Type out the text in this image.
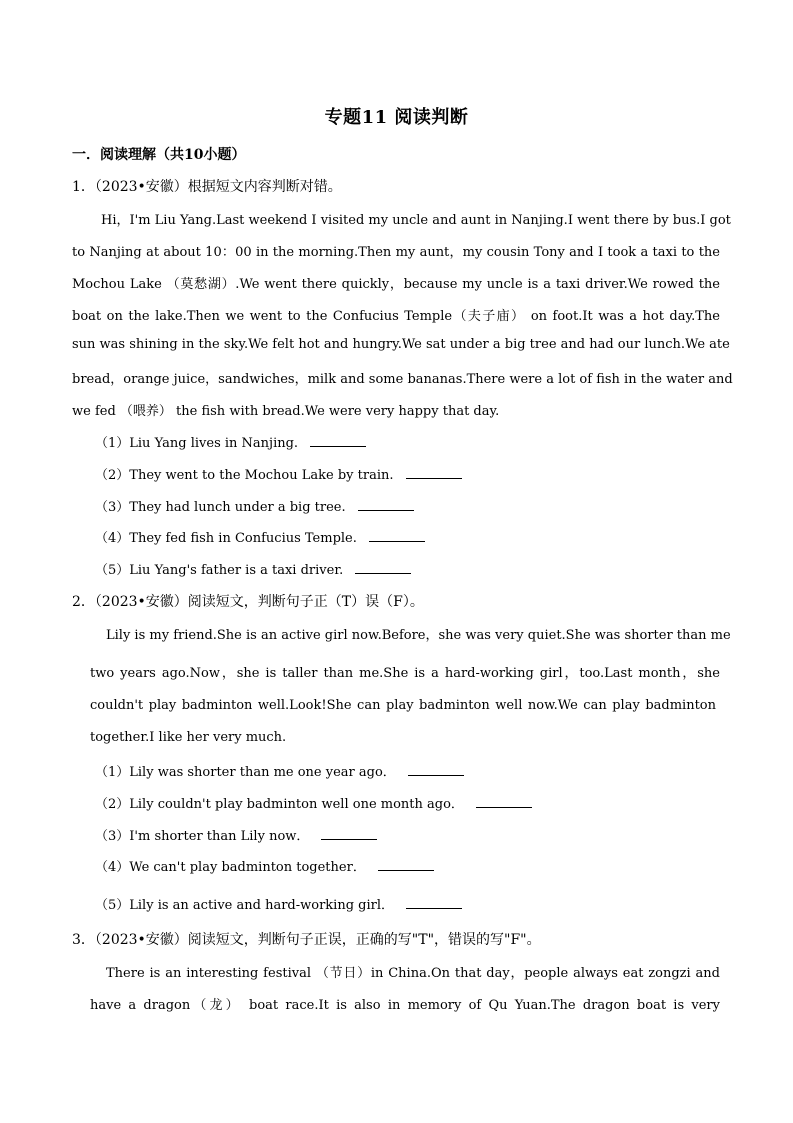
专题11 阅读判断
一．阅读理解（共10小题）
1．（2023•安徽）根据短文内容判断对错。
Hi，I'm Liu Yang.Last weekend I visited my uncle and aunt in Nanjing.I went there by bus.I got
to Nanjing at about 10：00 in the morning.Then my aunt，my cousin Tony and I took a taxi to the
Mochou Lake （莫愁湖）.We went there quickly，because my uncle is a taxi driver.We rowed the
boat on the lake.Then we went to the Confucius Temple（夫子庙） on foot.It was a hot day.The
sun was shining in the sky.We felt hot and hungry.We sat under a big tree and had our lunch.We ate
bread，orange juice，sandwiches，milk and some bananas.There were a lot of fish in the water and
we fed （喂养） the fish with bread.We were very happy that day.
（1）Liu Yang lives in Nanjing.
（2）They went to the Mochou Lake by train.
（3）They had lunch under a big tree.
（4）They fed fish in Confucius Temple.
（5）Liu Yang's father is a taxi driver.
2．（2023•安徽）阅读短文，判断句子正（T）误（F）。
Lily is my friend.She is an active girl now.Before，she was very quiet.She was shorter than me
two years ago.Now，she is taller than me.She is a hard-working girl，too.Last month，she
couldn't play badminton well.Look!She can play badminton well now.We can play badminton
together.I like her very much.
（1）Lily was shorter than me one year ago．
（2）Lily couldn't play badminton well one month ago．
（3）I'm shorter than Lily now．
（4）We can't play badminton together．
（5）Lily is an active and hard-working girl．
3．（2023•安徽）阅读短文，判断句子正误，正确的写"T"，错误的写"F"。
There is an interesting festival （节日）in China.On that day，people always eat zongzi and
have a dragon（龙） boat race.It is also in memory of Qu Yuan.The dragon boat is very
